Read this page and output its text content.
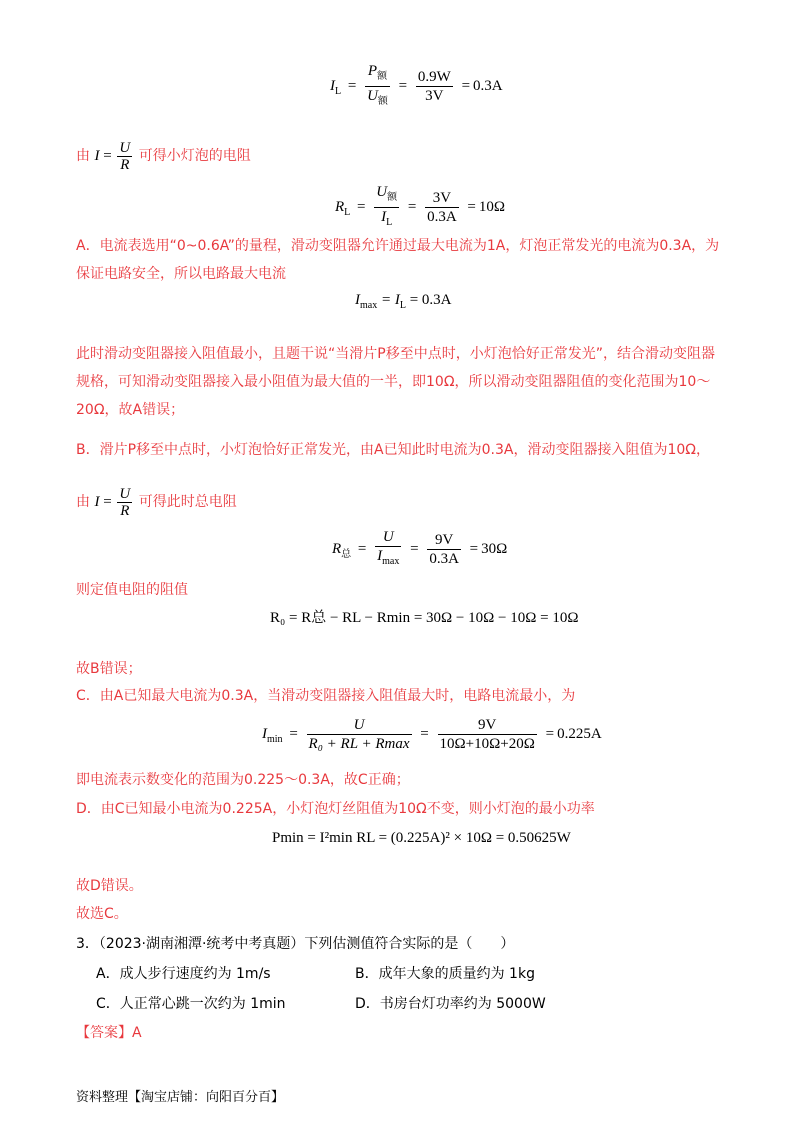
$I_L = \frac{P_额}{U_额} = \frac{0.9W}{3V} = 0.3A$
由 $I = \frac{U}{R}$ 可得小灯泡的电阻
$R_L = \frac{U_额}{I_L} = \frac{3V}{0.3A} = 10\Omega$
A．电流表选用“0~0.6A”的量程，滑动变阻器允许通过最大电流为1A，灯泡正常发光的电流为0.3A，为保证电路安全，所以电路最大电流
$I_{max} = I_L = 0.3A$
此时滑动变阻器接入阻值最小，且题干说“当滑片P移至中点时，小灯泡恰好正常发光”，结合滑动变阻器规格，可知滑动变阻器接入最小阻值为最大值的一半，即10Ω，所以滑动变阻器阻值的变化范围为10～20Ω，故A错误；
B．滑片P移至中点时，小灯泡恰好正常发光，由A已知此时电流为0.3A，滑动变阻器接入阻值为10Ω，
由 $I = \frac{U}{R}$ 可得此时总电阻
$R_总 = \frac{U}{I_{max}} = \frac{9V}{0.3A} = 30\Omega$
则定值电阻的阻值
R₀ = R总 − RL − Rmin = 30Ω − 10Ω − 10Ω = 10Ω
故B错误；
C．由A已知最大电流为0.3A，当滑动变阻器接入阻值最大时，电路电流最小，为
$I_{min} = \frac{U}{\text{R₀ + RL + Rmax}} = \frac{9V}{10\Omega+10\Omega+20\Omega} = 0.225A$
即电流表示数变化的范围为0.225～0.3A，故C正确；
D．由C已知最小电流为0.225A，小灯泡灯丝阻值为10Ω不变，则小灯泡的最小功率
Pmin = I²min RL = (0.225A)² × 10Ω = 0.50625W
故D错误。
故选C。
3．（2023·湖南湘潭·统考中考真题）下列估测值符合实际的是（　　）
A．成人步行速度约为 1m/s	B．成年大象的质量约为 1kg
C．人正常心跳一次约为 1min	D．书房台灯功率约为 5000W
【答案】A
资料整理【淘宝店铺：向阳百分百】
